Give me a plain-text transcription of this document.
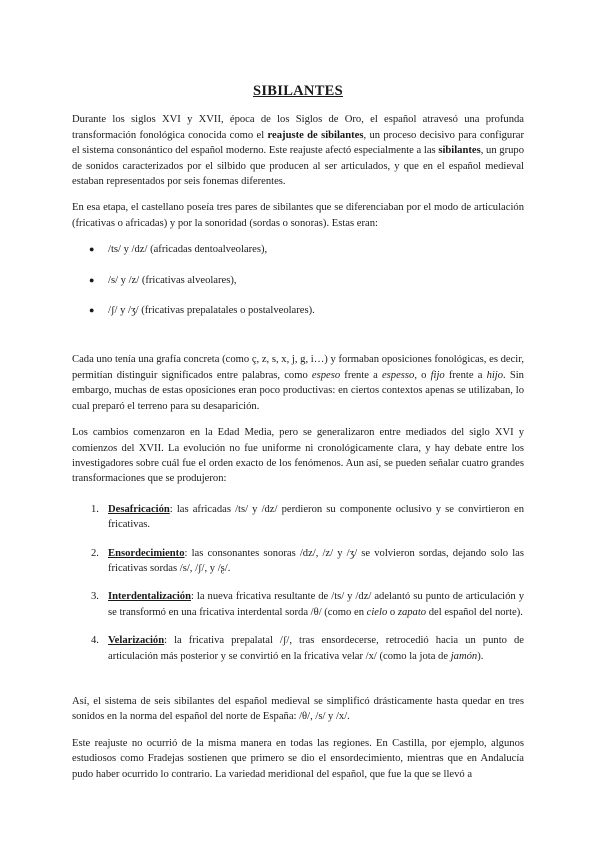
SIBILANTES

Durante los siglos XVI y XVII, época de los Siglos de Oro, el español atravesó una profunda transformación fonológica conocida como el reajuste de sibilantes, un proceso decisivo para configurar el sistema consonántico del español moderno. Este reajuste afectó especialmente a las sibilantes, un grupo de sonidos caracterizados por el silbido que producen al ser articulados, y que en el español medieval estaban representados por seis fonemas diferentes.

En esa etapa, el castellano poseía tres pares de sibilantes que se diferenciaban por el modo de articulación (fricativas o africadas) y por la sonoridad (sordas o sonoras). Estas eran:

● /ts/ y /dz/ (africadas dentoalveolares),
● /s/ y /z/ (fricativas alveolares),
● /ʃ/ y /ʒ/ (fricativas prepalatales o postalveolares).

Cada uno tenía una grafía concreta (como ç, z, s, x, j, g, i…) y formaban oposiciones fonológicas, es decir, permitían distinguir significados entre palabras, como espeso frente a espesso, o fijo frente a hijo. Sin embargo, muchas de estas oposiciones eran poco productivas: en ciertos contextos apenas se utilizaban, lo cual preparó el terreno para su desaparición.

Los cambios comenzaron en la Edad Media, pero se generalizaron entre mediados del siglo XVI y comienzos del XVII. La evolución no fue uniforme ni cronológicamente clara, y hay debate entre los investigadores sobre cuál fue el orden exacto de los fenómenos. Aun así, se pueden señalar cuatro grandes transformaciones que se produjeron:

1. Desafricación: las africadas /ts/ y /dz/ perdieron su componente oclusivo y se convirtieron en fricativas.
2. Ensordecimiento: las consonantes sonoras /dz/, /z/ y /ʒ/ se volvieron sordas, dejando solo las fricativas sordas /s/, /ʃ/, y /ʂ/.
3. Interdentalización: la nueva fricativa resultante de /ts/ y /dz/ adelantó su punto de articulación y se transformó en una fricativa interdental sorda /θ/ (como en cielo o zapato del español del norte).
4. Velarización: la fricativa prepalatal /ʃ/, tras ensordecerse, retrocedió hacia un punto de articulación más posterior y se convirtió en la fricativa velar /x/ (como la jota de jamón).

Así, el sistema de seis sibilantes del español medieval se simplificó drásticamente hasta quedar en tres sonidos en la norma del español del norte de España: /θ/, /s/ y /x/.

Este reajuste no ocurrió de la misma manera en todas las regiones. En Castilla, por ejemplo, algunos estudiosos como Fradejas sostienen que primero se dio el ensordecimiento, mientras que en Andalucía pudo haber ocurrido lo contrario. La variedad meridional del español, que fue la que se llevó a
